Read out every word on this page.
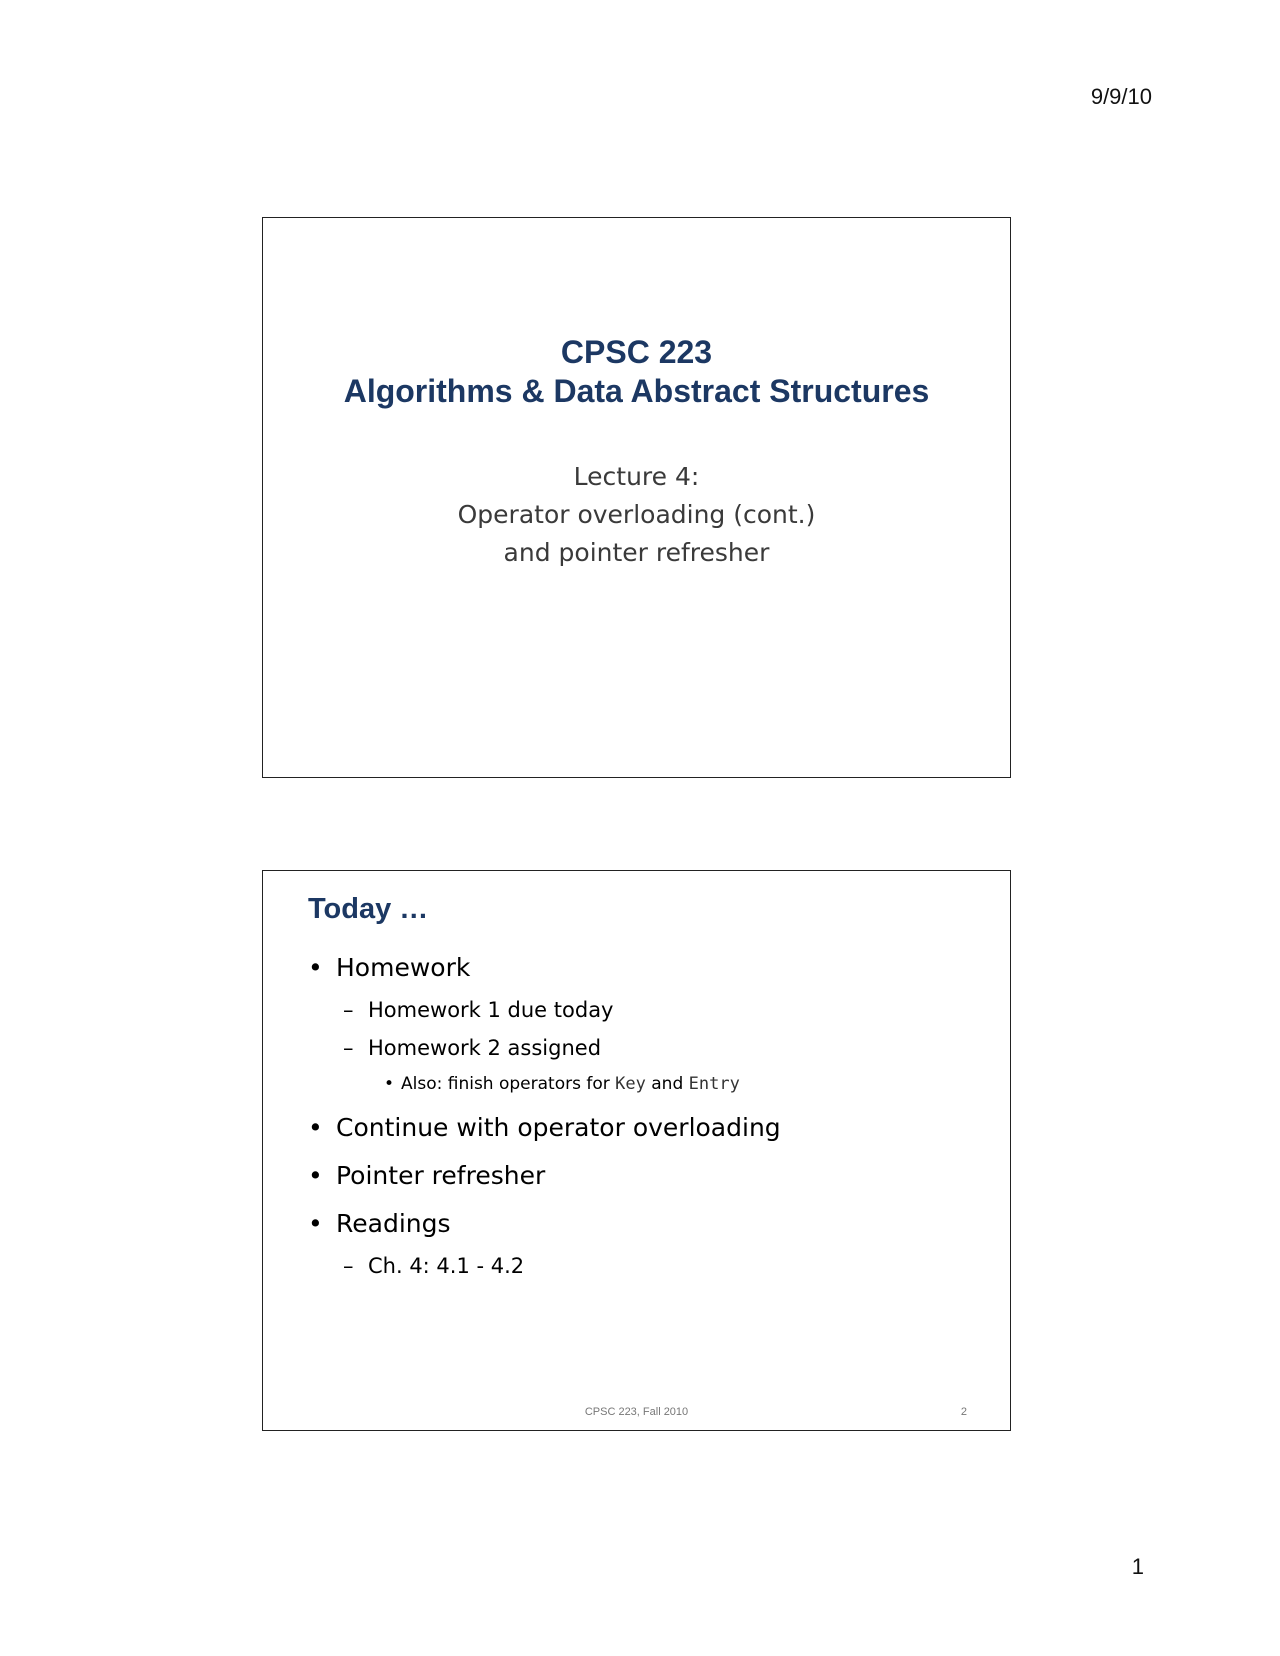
9/9/10
CPSC 223
Algorithms & Data Abstract Structures
Lecture 4:
Operator overloading (cont.)
and pointer refresher
Today …
• Homework
– Homework 1 due today
– Homework 2 assigned
• Also: finish operators for Key and Entry
• Continue with operator overloading
• Pointer refresher
• Readings
– Ch. 4: 4.1 - 4.2
CPSC 223, Fall 2010	2
1
